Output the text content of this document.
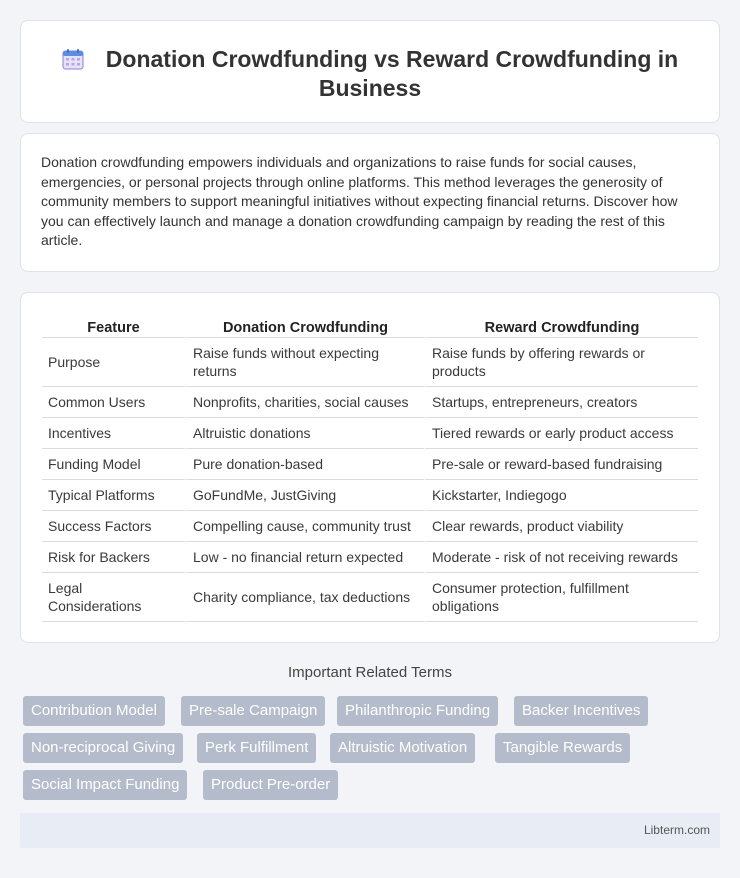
Donation Crowdfunding vs Reward Crowdfunding in Business

Donation crowdfunding empowers individuals and organizations to raise funds for social causes, emergencies, or personal projects through online platforms. This method leverages the generosity of community members to support meaningful initiatives without expecting financial returns. Discover how you can effectively launch and manage a donation crowdfunding campaign by reading the rest of this article.

Feature	Donation Crowdfunding	Reward Crowdfunding
Purpose	Raise funds without expecting returns	Raise funds by offering rewards or products
Common Users	Nonprofits, charities, social causes	Startups, entrepreneurs, creators
Incentives	Altruistic donations	Tiered rewards or early product access
Funding Model	Pure donation-based	Pre-sale or reward-based fundraising
Typical Platforms	GoFundMe, JustGiving	Kickstarter, Indiegogo
Success Factors	Compelling cause, community trust	Clear rewards, product viability
Risk for Backers	Low - no financial return expected	Moderate - risk of not receiving rewards
Legal Considerations	Charity compliance, tax deductions	Consumer protection, fulfillment obligations
Important Related Terms
Contribution Model	Pre-sale Campaign	Philanthropic Funding	Backer Incentives
Non-reciprocal Giving	Perk Fulfillment	Altruistic Motivation	Tangible Rewards
Social Impact Funding	Product Pre-order
Libterm.com
